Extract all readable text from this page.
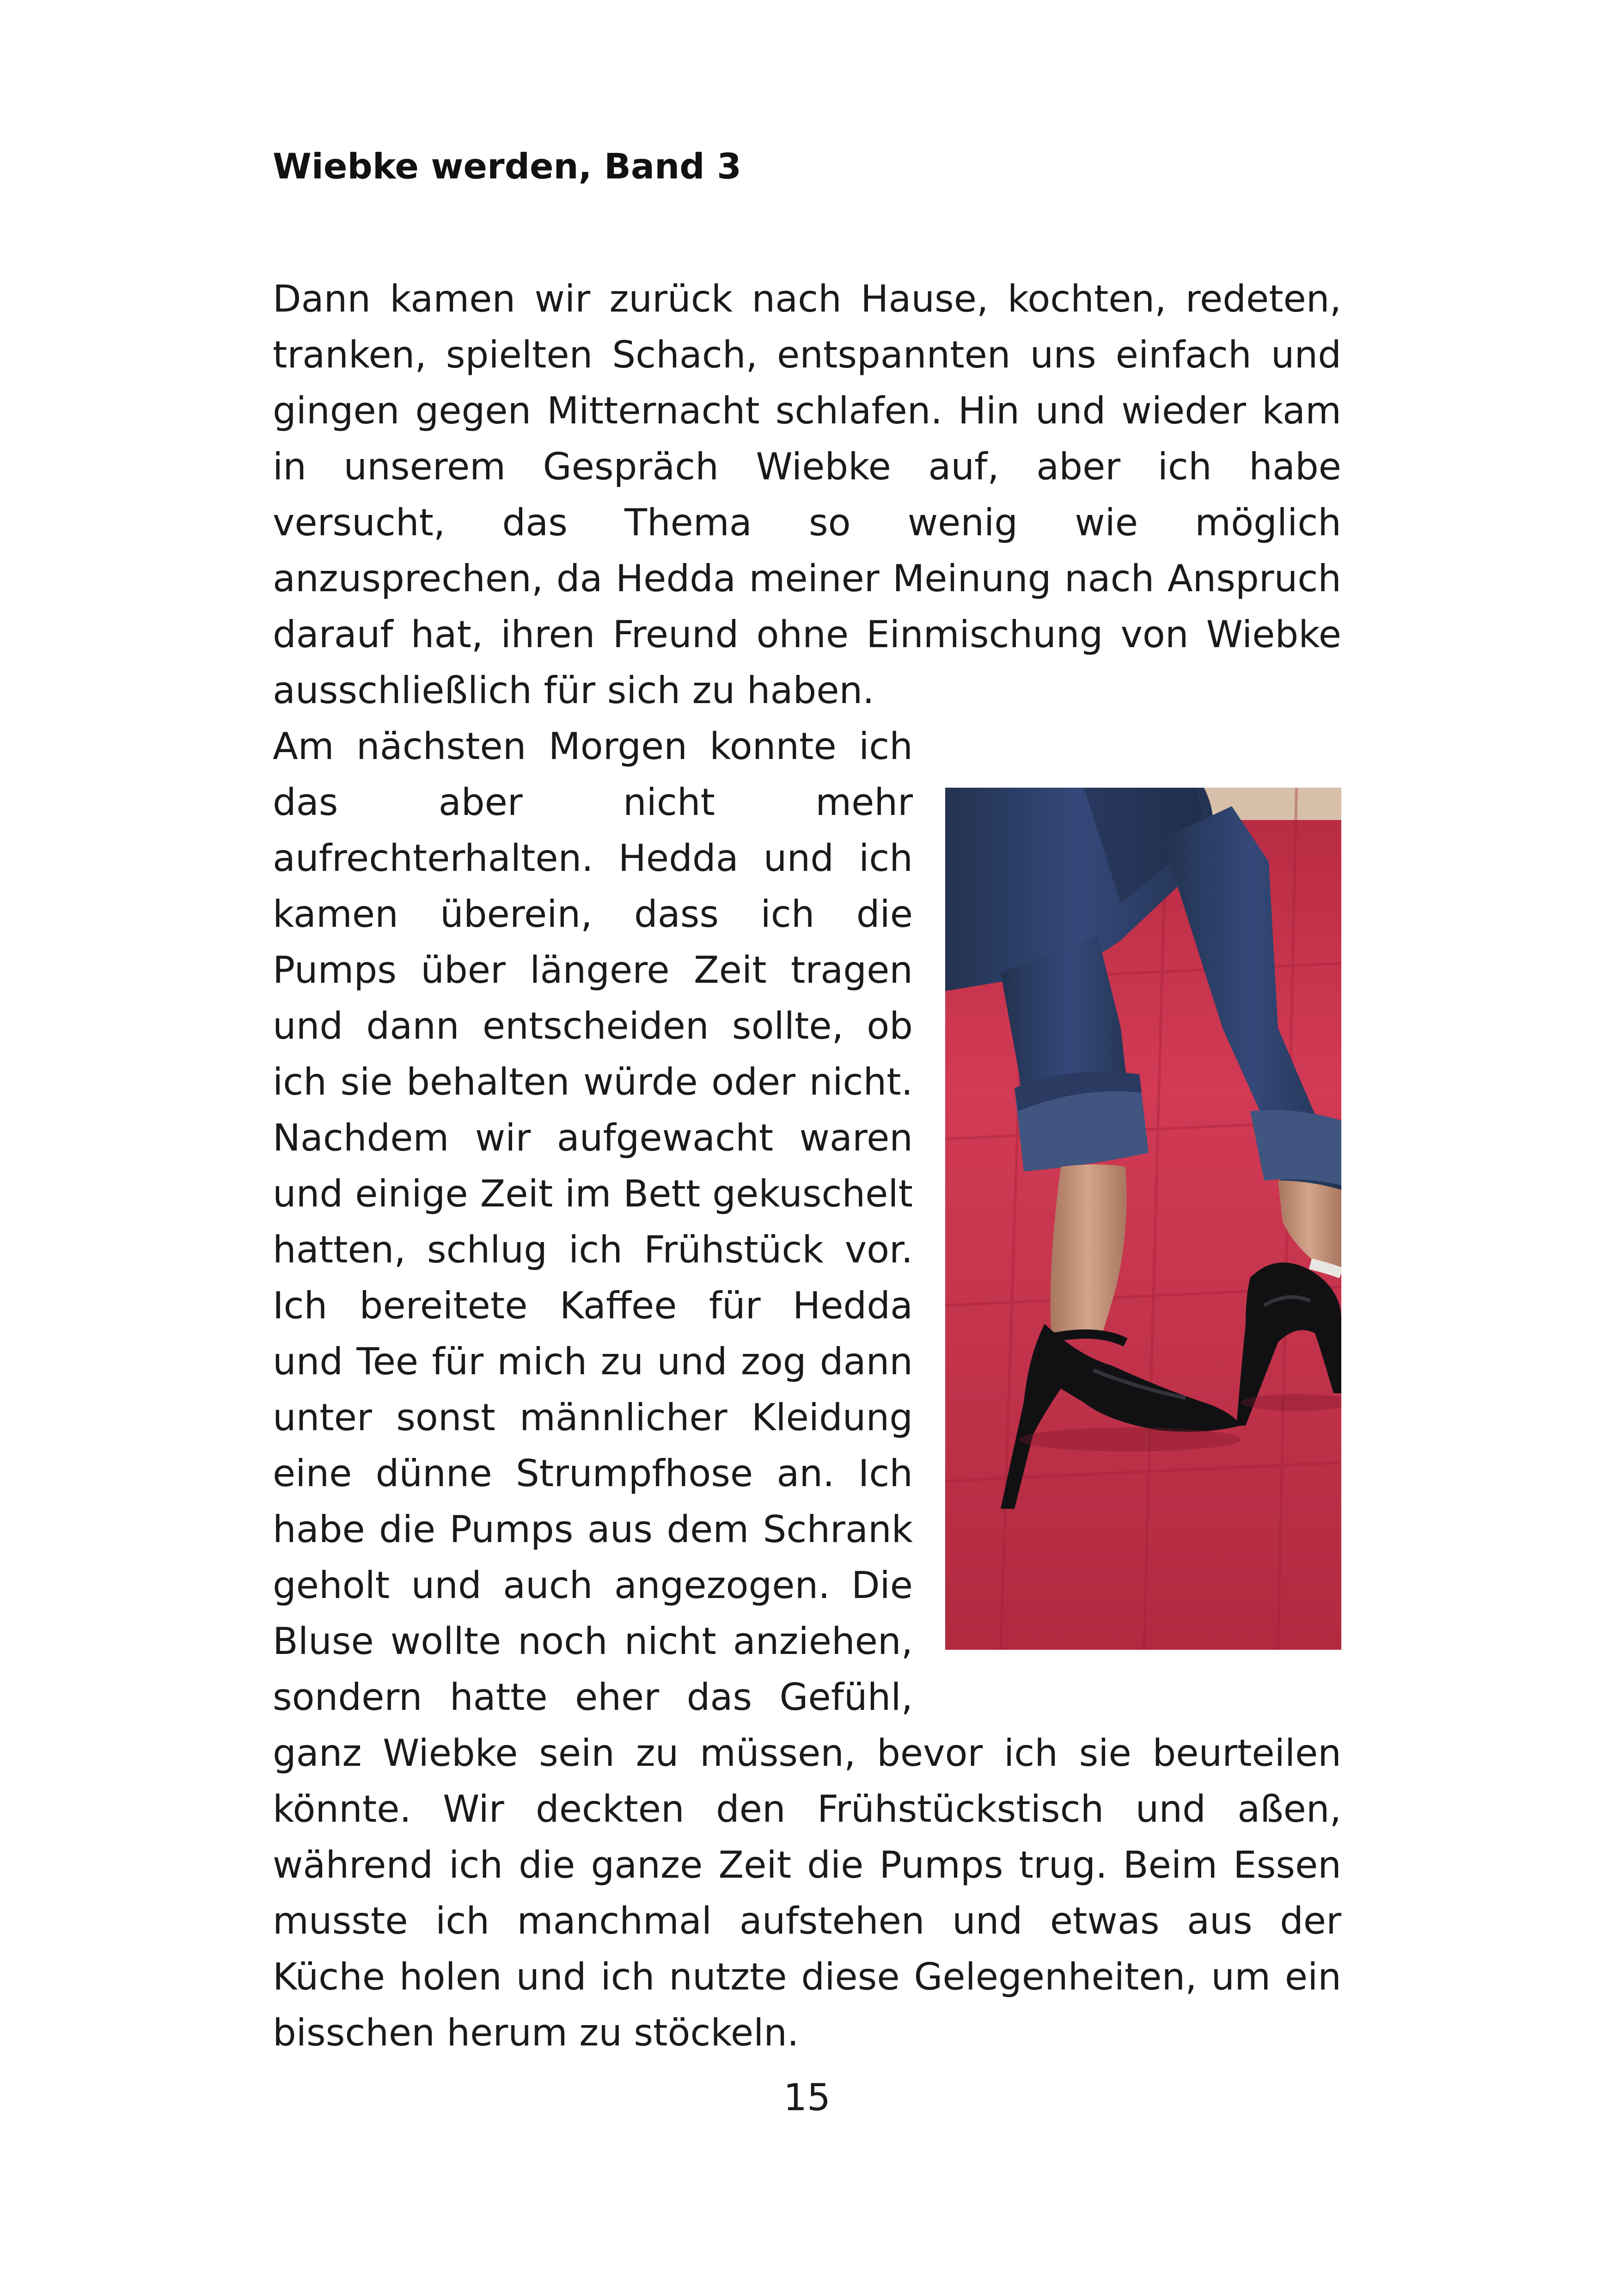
Wiebke werden, Band 3

Dann kamen wir zurück nach Hause, kochten, redeten, tranken, spielten Schach, entspannten uns einfach und gingen gegen Mitternacht schlafen. Hin und wieder kam in unserem Gespräch Wiebke auf, aber ich habe versucht, das Thema so wenig wie möglich anzusprechen, da Hedda meiner Meinung nach Anspruch darauf hat, ihren Freund ohne Einmischung von Wiebke ausschließlich für sich zu haben.

Am nächsten Morgen konnte ich das aber nicht mehr aufrechterhalten. Hedda und ich kamen überein, dass ich die Pumps über längere Zeit tragen und dann entscheiden sollte, ob ich sie behalten würde oder nicht. Nachdem wir aufgewacht waren und einige Zeit im Bett gekuschelt hatten, schlug ich Frühstück vor. Ich bereitete Kaffee für Hedda und Tee für mich zu und zog dann unter sonst männlicher Kleidung eine dünne Strumpfhose an. Ich habe die Pumps aus dem Schrank geholt und auch angezogen. Die Bluse wollte noch nicht anziehen, sondern hatte eher das Gefühl, ganz Wiebke sein zu müssen, bevor ich sie beurteilen könnte. Wir deckten den Frühstückstisch und aßen, während ich die ganze Zeit die Pumps trug. Beim Essen musste ich manchmal aufstehen und etwas aus der Küche holen und ich nutzte diese Gelegenheiten, um ein bisschen herum zu stöckeln.

15
